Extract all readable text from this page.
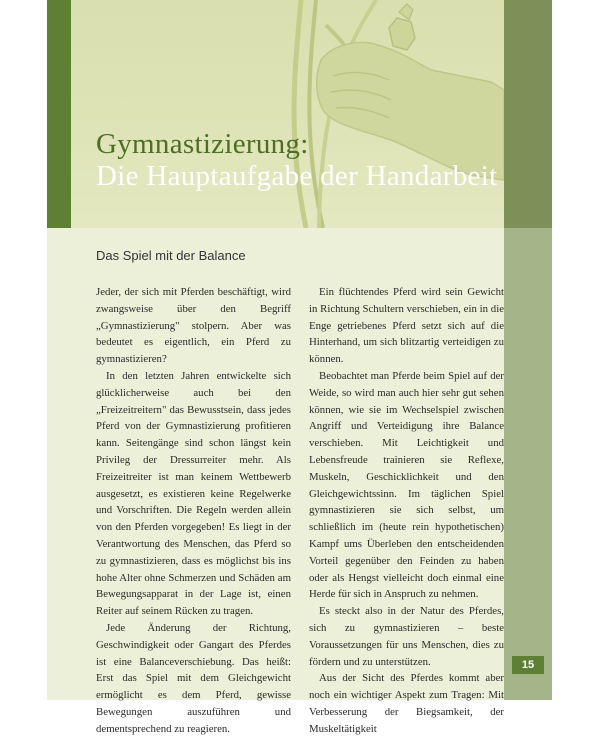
Gymnastizierung:
Die Hauptaufgabe der Handarbeit
Das Spiel mit der Balance

Jeder, der sich mit Pferden beschäftigt, wird zwangsweise über den Begriff „Gymnastizierung" stolpern. Aber was bedeutet es eigentlich, ein Pferd zu gymnastizieren?

In den letzten Jahren entwickelte sich glücklicherweise auch bei den „Freizeitreitern" das Bewusstsein, dass jedes Pferd von der Gymnastizierung profitieren kann. Seitengänge sind schon längst kein Privileg der Dressurreiter mehr. Als Freizeitreiter ist man keinem Wettbewerb ausgesetzt, es existieren keine Regelwerke und Vorschriften. Die Regeln werden allein von den Pferden vorgegeben! Es liegt in der Verantwortung des Menschen, das Pferd so zu gymnastizieren, dass es möglichst bis ins hohe Alter ohne Schmerzen und Schäden am Bewegungsapparat in der Lage ist, einen Reiter auf seinem Rücken zu tragen.

Jede Änderung der Richtung, Geschwindigkeit oder Gangart des Pferdes ist eine Balanceverschiebung. Das heißt: Erst das Spiel mit dem Gleichgewicht ermöglicht es dem Pferd, gewisse Bewegungen auszuführen und dementsprechend zu reagieren.

Ein flüchtendes Pferd wird sein Gewicht in Richtung Schultern verschieben, ein in die Enge getriebenes Pferd setzt sich auf die Hinterhand, um sich blitzartig verteidigen zu können.

Beobachtet man Pferde beim Spiel auf der Weide, so wird man auch hier sehr gut sehen können, wie sie im Wechselspiel zwischen Angriff und Verteidigung ihre Balance verschieben. Mit Leichtigkeit und Lebensfreude trainieren sie Reflexe, Muskeln, Geschicklichkeit und den Gleichgewichtssinn. Im täglichen Spiel gymnastizieren sie sich selbst, um schließlich im (heute rein hypothetischen) Kampf ums Überleben den entscheidenden Vorteil gegenüber den Feinden zu haben oder als Hengst vielleicht doch einmal eine Herde für sich in Anspruch zu nehmen.

Es steckt also in der Natur des Pferdes, sich zu gymnastizieren – beste Voraussetzungen für uns Menschen, dies zu fördern und zu unterstützen.

Aus der Sicht des Pferdes kommt aber noch ein wichtiger Aspekt zum Tragen: Mit Verbesserung der Biegsamkeit, der Muskeltätigkeit

15
